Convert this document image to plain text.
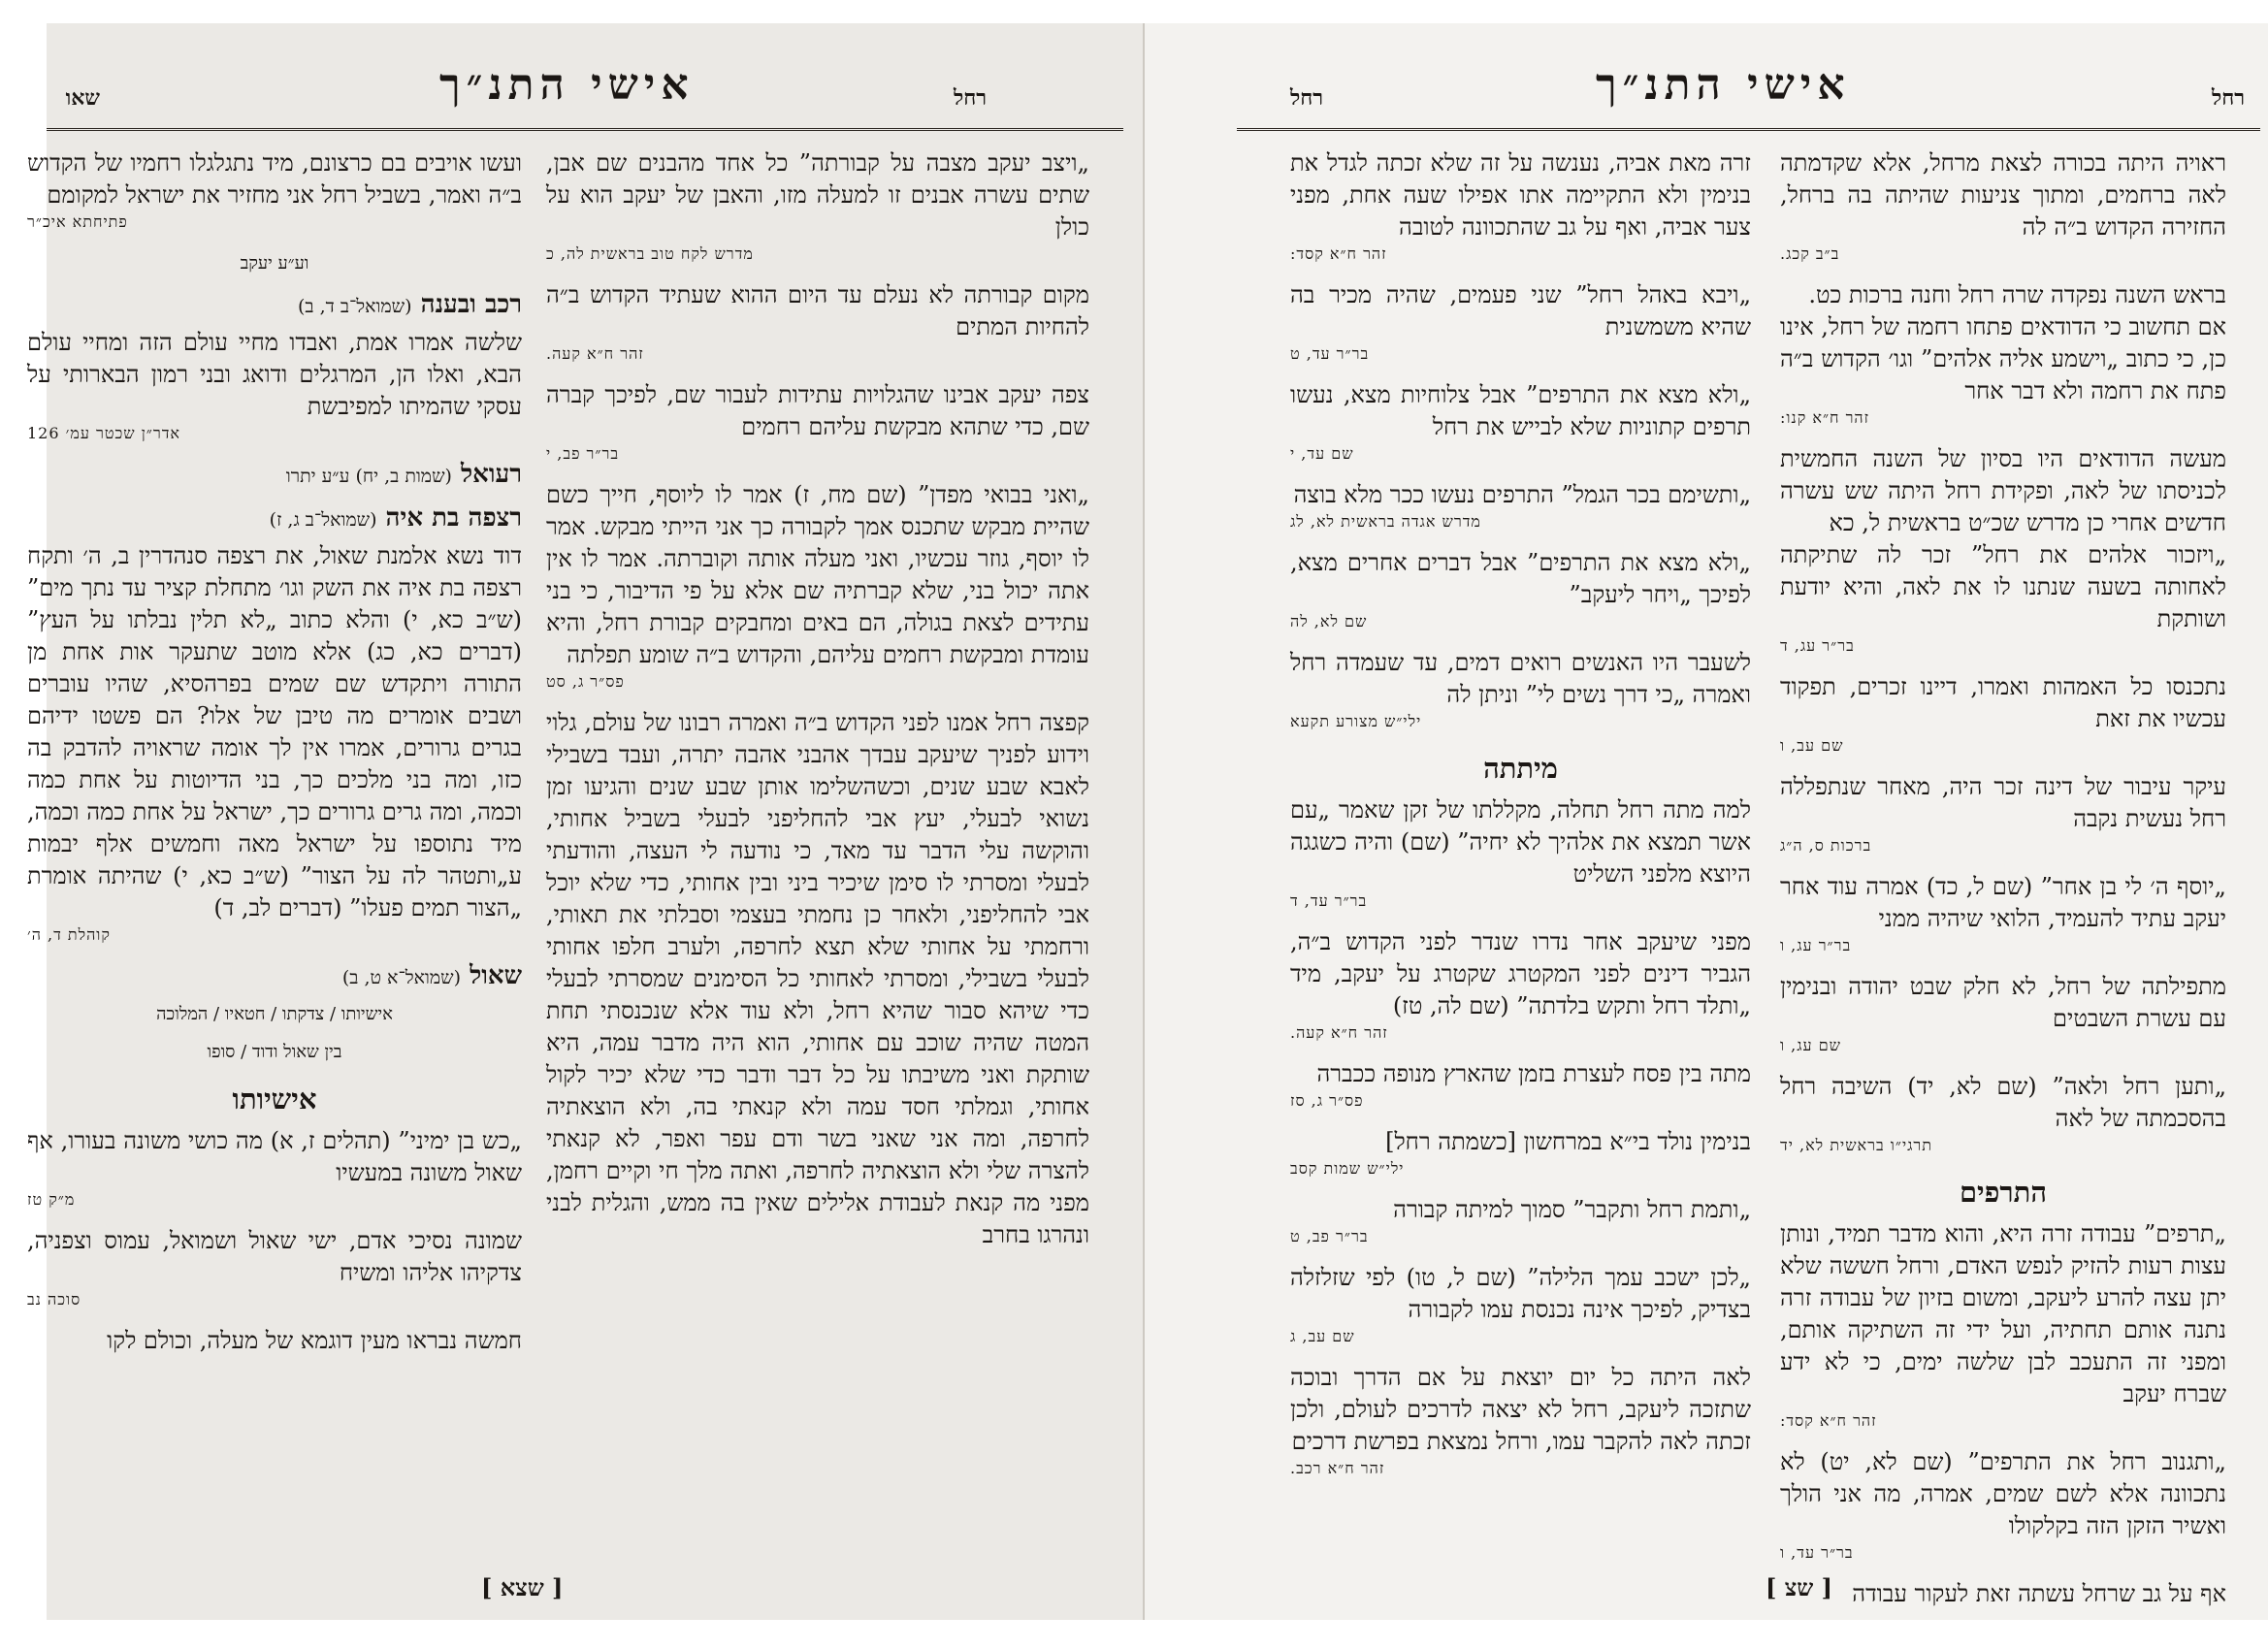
שאו	אישי התנ״ך	רחל
„ויצב יעקב מצבה על קבורתה” כל אחד מהבנים שם אבן, שתים עשרה אבנים זו למעלה מזו, והאבן של יעקב הוא על כולן
מדרש לקח טוב בראשית לה, כ
מקום קבורתה לא נעלם עד היום ההוא שעתיד הקדוש ב״ה להחיות המתים
זהר ח״א קעה.
צפה יעקב אבינו שהגלויות עתידות לעבור שם, לפיכך קברה שם, כדי שתהא מבקשת עליהם רחמים
בר״ר פב, י
„ואני בבואי מפדן” (שם מח, ז) אמר לו ליוסף, חייך כשם שהיית מבקש שתכנס אמך לקבורה כך אני הייתי מבקש. אמר לו יוסף, גוזר עכשיו, ואני מעלה אותה וקוברתה. אמר לו אין אתה יכול בני, שלא קברתיה שם אלא על פי הדיבור, כי בני עתידים לצאת בגולה, הם באים ומחבקים קבורת רחל, והיא עומדת ומבקשת רחמים עליהם, והקדוש ב״ה שומע תפלתה
פס״ר ג, סט
קפצה רחל אמנו לפני הקדוש ב״ה ואמרה רבונו של עולם, גלוי וידוע לפניך שיעקב עבדך אהבני אהבה יתרה, ועבד בשבילי לאבא שבע שנים, וכשהשלימו אותן שבע שנים והגיעו זמן נשואי לבעלי, יעץ אבי להחליפני לבעלי בשביל אחותי, והוקשה עלי הדבר עד מאד, כי נודעה לי העצה, והודעתי לבעלי ומסרתי לו סימן שיכיר ביני ובין אחותי, כדי שלא יוכל אבי להחליפני, ולאחר כן נחמתי בעצמי וסבלתי את תאותי, ורחמתי על אחותי שלא תצא לחרפה, ולערב חלפו אחותי לבעלי בשבילי, ומסרתי לאחותי כל הסימנים שמסרתי לבעלי כדי שיהא סבור שהיא רחל, ולא עוד אלא שנכנסתי תחת המטה שהיה שוכב עם אחותי, הוא היה מדבר עמה, היא שותקת ואני משיבתו על כל דבר ודבר כדי שלא יכיר לקול אחותי, וגמלתי חסד עמה ולא קנאתי בה, ולא הוצאתיה לחרפה, ומה אני שאני בשר ודם עפר ואפר, לא קנאתי להצרה שלי ולא הוצאתיה לחרפה, ואתה מלך חי וקיים רחמן, מפני מה קנאת לעבודת אלילים שאין בה ממש, והגלית לבני ונהרגו בחרב
ועשו אויבים בם כרצונם, מיד נתגלגלו רחמיו של הקדוש ב״ה ואמר, בשביל רחל אני מחזיר את ישראל למקומם
פתיחתא איכ״ר
וע״ע יעקב
רכב ובענה (שמואל־ב ד, ב)
שלשה אמרו אמת, ואבדו מחיי עולם הזה ומחיי עולם הבא, ואלו הן, המרגלים ודואג ובני רמון הבארותי על עסקי שהמיתו למפיבשת
אדר״ן שכטר עמ׳ 126
רעואל (שמות ב, יח) ע״ע יתרו
רצפה בת איה (שמואל־ב ג, ז)
דוד נשא אלמנת שאול, את רצפה סנהדרין ב, ה׳ ותקח רצפה בת איה את השק וגו׳ מתחלת קציר עד נתך מים” (ש״ב כא, י) והלא כתוב „לא תלין נבלתו על העץ” (דברים כא, כג) אלא מוטב שתעקר אות אחת מן התורה ויתקדש שם שמים בפרהסיא, שהיו עוברים ושבים אומרים מה טיבן של אלו? הם פשטו ידיהם בגרים גרורים, אמרו אין לך אומה שראויה להדבק בה כזו, ומה בני מלכים כך, בני הדיוטות על אחת כמה וכמה, ומה גרים גרורים כך, ישראל על אחת כמה וכמה, מיד נתוספו על ישראל מאה וחמשים אלף יבמות ע„ותטהר לה על הצור” (ש״ב כא, י) שהיתה אומרת „הצור תמים פעלו” (דברים לב, ד)
קוהלת ד, ה׳
שאול (שמואל־א ט, ב)
אישיותו / צדקתו / חטאיו / המלוכה
בין שאול ודוד / סופו
אישיותו
„כש בן ימיני” (תהלים ז, א) מה כושי משונה בעורו, אף שאול משונה במעשיו
מ״ק טז
שמונה נסיכי אדם, ישי שאול ושמואל, עמוס וצפניה, צדקיהו אליהו ומשיח
סוכה נב
חמשה נבראו מעין דוגמא של מעלה, וכולם לקו
[ שצא ]
רחל
אישי התנ״ך
רחל
ראויה היתה בכורה לצאת מרחל, אלא שקדמתה לאה ברחמים, ומתוך צניעות שהיתה בה ברחל, החזירה הקדוש ב״ה לה
ב״ב קכג.
בראש השנה נפקדה שרה רחל וחנה ברכות כט.
אם תחשוב כי הדודאים פתחו רחמה של רחל, אינו כן, כי כתוב „וישמע אליה אלהים” וגו׳ הקדוש ב״ה פתח את רחמה ולא דבר אחר
זהר ח״א קנו:
מעשה הדודאים היו בסיון של השנה החמשית לכניסתו של לאה, ופקידת רחל היתה שש עשרה חדשים אחרי כן מדרש שכ״ט בראשית ל, כא
„ויזכור אלהים את רחל” זכר לה שתיקתה לאחותה בשעה שנתנו לו את לאה, והיא יודעת ושותקת
בר״ר עג, ד
נתכנסו כל האמהות ואמרו, דיינו זכרים, תפקוד עכשיו את זאת
שם עב, ו
עיקר עיבור של דינה זכר היה, מאחר שנתפללה רחל נעשית נקבה
ברכות ס, ה״ג
„יוסף ה׳ לי בן אחר” (שם ל, כד) אמרה עוד אחר יעקב עתיד להעמיד, הלואי שיהיה ממני
בר״ר עג, ו
מתפילתה של רחל, לא חלק שבט יהודה ובנימין עם עשרת השבטים
שם עג, ו
„ותען רחל ולאה” (שם לא, יד) השיבה רחל בהסכמתה של לאה
תרגי״ו בראשית לא, יד
התרפים
„תרפים” עבודה זרה היא, והוא מדבר תמיד, ונותן עצות רעות להזיק לנפש האדם, ורחל חששה שלא יתן עצה להרע ליעקב, ומשום בזיון של עבודה זרה נתנה אותם תחתיה, ועל ידי זה השתיקה אותם, ומפני זה התעכב לבן שלשה ימים, כי לא ידע שברח יעקב
זהר ח״א קסד:
„ותגנוב רחל את התרפים” (שם לא, יט) לא נתכוונה אלא לשם שמים, אמרה, מה אני הולך ואשיר הזקן הזה בקלקולו
בר״ר עד, ו
אף על גב שרחל עשתה זאת לעקור עבודה
זרה מאת אביה, נענשה על זה שלא זכתה לגדל את בנימין ולא התקיימה אתו אפילו שעה אחת, מפני צער אביה, ואף על גב שהתכוונה לטובה
זהר ח״א קסד:
„ויבא באהל רחל” שני פעמים, שהיה מכיר בה שהיא משמשנית
בר״ר עד, ט
„ולא מצא את התרפים” אבל צלוחיות מצא, נעשו תרפים קתוניות שלא לבייש את רחל
שם עד, י
„ותשימם בכר הגמל” התרפים נעשו ככר מלא בוצה
מדרש אגדה בראשית לא, לג
„ולא מצא את התרפים” אבל דברים אחרים מצא, לפיכך „ויחר ליעקב”
שם לא, לה
לשעבר היו האנשים רואים דמים, עד שעמדה רחל ואמרה „כי דרך נשים לי” וניתן לה
ילי״ש מצורע תקעא
מיתתה
למה מתה רחל תחלה, מקללתו של זקן שאמר „עם אשר תמצא את אלהיך לא יחיה” (שם) והיה כשגגה היוצא מלפני השליט
בר״ר עד, ד
מפני שיעקב אחר נדרו שנדר לפני הקדוש ב״ה, הגביר דינים לפני המקטרג שקטרג על יעקב, מיד „ותלד רחל ותקש בלדתה” (שם לה, טז)
זהר ח״א קעה.
מתה בין פסח לעצרת בזמן שהארץ מנופה ככברה
פס״ר ג, סז
בנימין נולד בי״א במרחשון [כשמתה רחל]
ילי״ש שמות קסב
„ותמת רחל ותקבר” סמוך למיתה קבורה
בר״ר פב, ט
„לכן ישכב עמך הלילה” (שם ל, טו) לפי שזלזלה בצדיק, לפיכך אינה נכנסת עמו לקבורה
שם עב, ג
לאה היתה כל יום יוצאת על אם הדרך ובוכה שתזכה ליעקב, רחל לא יצאה לדרכים לעולם, ולכן זכתה לאה להקבר עמו, ורחל נמצאת בפרשת דרכים
זהר ח״א רכב.
[ שצ ]
